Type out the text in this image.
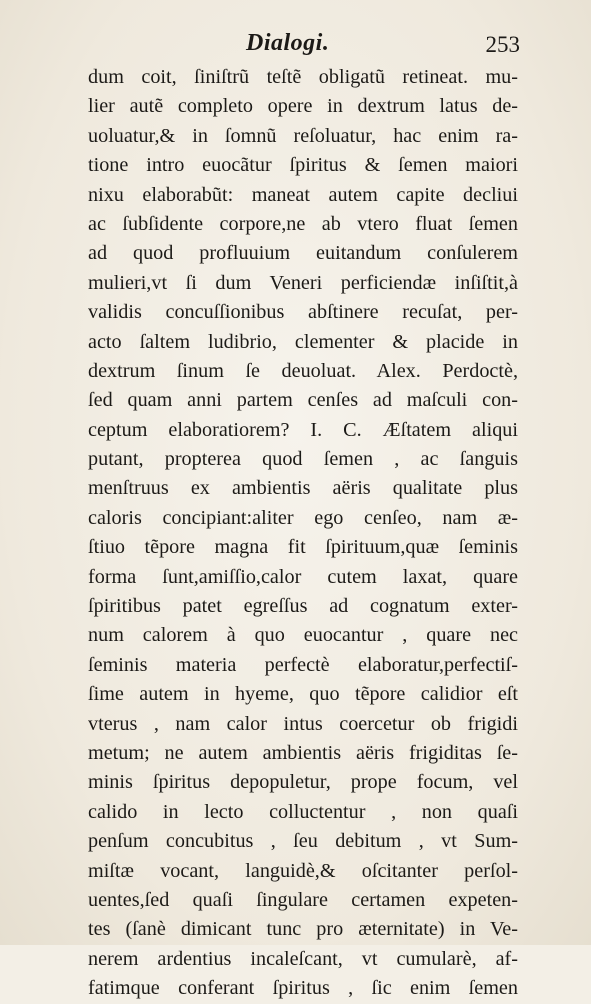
Dialogi.	253
dum coit, ſiniſtrũ teſtẽ obligatũ retineat. mu-
lier autẽ completo opere in dextrum latus de-
uoluatur,& in ſomnũ reſoluatur, hac enim ra-
tione intro euocãtur ſpiritus & ſemen maiori
nixu elaborabũt: maneat autem capite decliui
ac ſubſidente corpore,ne ab vtero fluat ſemen
ad quod profluuium euitandum conſulerem
mulieri,vt ſi dum Veneri perficiendæ inſiſtit,à
validis concuſſionibus abſtinere recuſat, per-
acto ſaltem ludibrio, clementer & placide in
dextrum ſinum ſe deuoluat. Alex. Perdoctè,
ſed quam anni partem cenſes ad maſculi con-
ceptum elaboratiorem? I. C. Æſtatem aliqui
putant, propterea quod ſemen , ac ſanguis
menſtruus ex ambientis aëris qualitate plus
caloris concipiant:aliter ego cenſeo, nam æ-
ſtiuo tẽpore magna fit ſpirituum,quæ ſeminis
forma ſunt,amiſſio,calor cutem laxat, quare
ſpiritibus patet egreſſus ad cognatum exter-
num calorem à quo euocantur , quare nec
ſeminis materia perfectè elaboratur,perfectiſ-
ſime autem in hyeme, quo tẽpore calidior eſt
vterus , nam calor intus coercetur ob frigidi
metum; ne autem ambientis aëris frigiditas ſe-
minis ſpiritus depopuletur, prope focum, vel
calido in lecto colluctentur , non quaſi
penſum concubitus , ſeu debitum , vt Sum-
miſtæ vocant, languidè,& oſcitanter perſol-
uentes,ſed quaſi ſingulare certamen expeten-
tes (ſanè dimicant tunc pro æternitate) in Ve-
nerem ardentius incaleſcant, vt cumularè, af-
fatimque conferant ſpiritus , ſic enim ſemen
